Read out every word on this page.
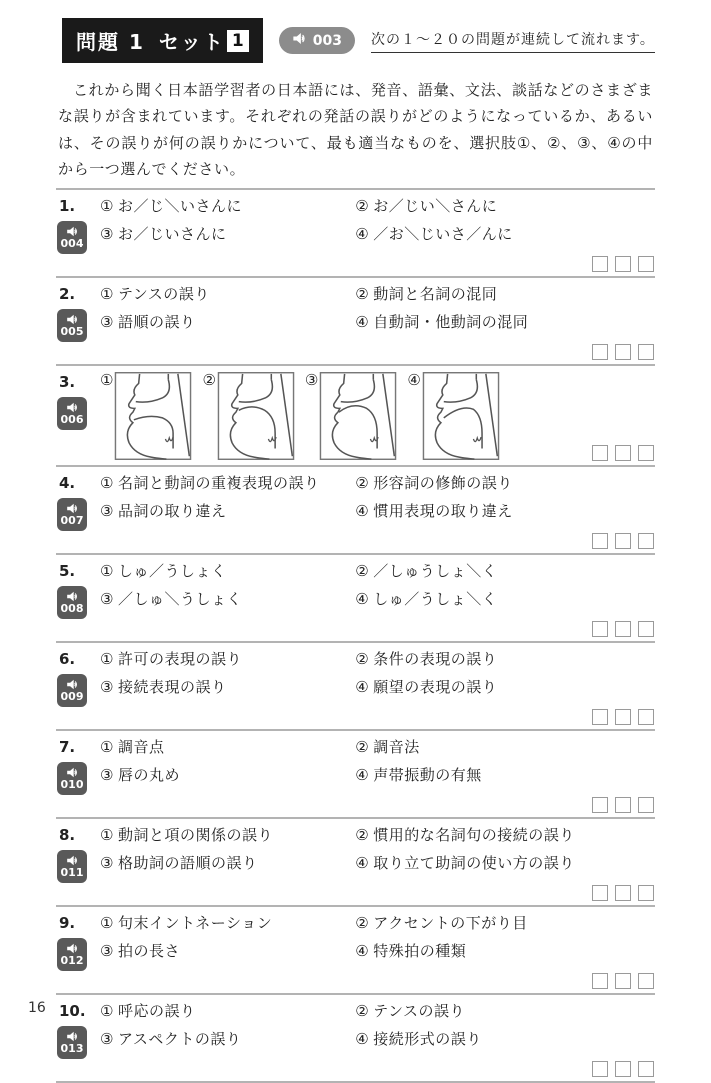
問題 1 セット 1	003 次の１～２０の問題が連続して流れます。

これから聞く日本語学習者の日本語には、発音、語彙、文法、談話などのさまざまな誤りが含まれています。それぞれの発話の誤りがどのようになっているか、あるいは、その誤りが何の誤りかについて、最も適当なものを、選択肢①、②、③、④の中から一つ選んでください。

1.
004
① お／じ＼いさんに	② お／じい＼さんに
③ お／じいさんに	④ ／お＼じいさ／んに
2.
005
① テンスの誤り	② 動詞と名詞の混同
③ 語順の誤り	④ 自動詞・他動詞の混同
3.
006
①	②	③	④
4.
007
① 名詞と動詞の重複表現の誤り	② 形容詞の修飾の誤り
③ 品詞の取り違え	④ 慣用表現の取り違え
5.
008
① しゅ／うしょく	② ／しゅうしょ＼く
③ ／しゅ＼うしょく	④ しゅ／うしょ＼く
6.
009
① 許可の表現の誤り	② 条件の表現の誤り
③ 接続表現の誤り	④ 願望の表現の誤り
7.
010
① 調音点	② 調音法
③ 唇の丸め	④ 声帯振動の有無
8.
011
① 動詞と項の関係の誤り	② 慣用的な名詞句の接続の誤り
③ 格助詞の語順の誤り	④ 取り立て助詞の使い方の誤り
9.
012
① 句末イントネーション	② アクセントの下がり目
③ 拍の長さ	④ 特殊拍の種類
10.
013
① 呼応の誤り	② テンスの誤り
③ アスペクトの誤り	④ 接続形式の誤り
16
